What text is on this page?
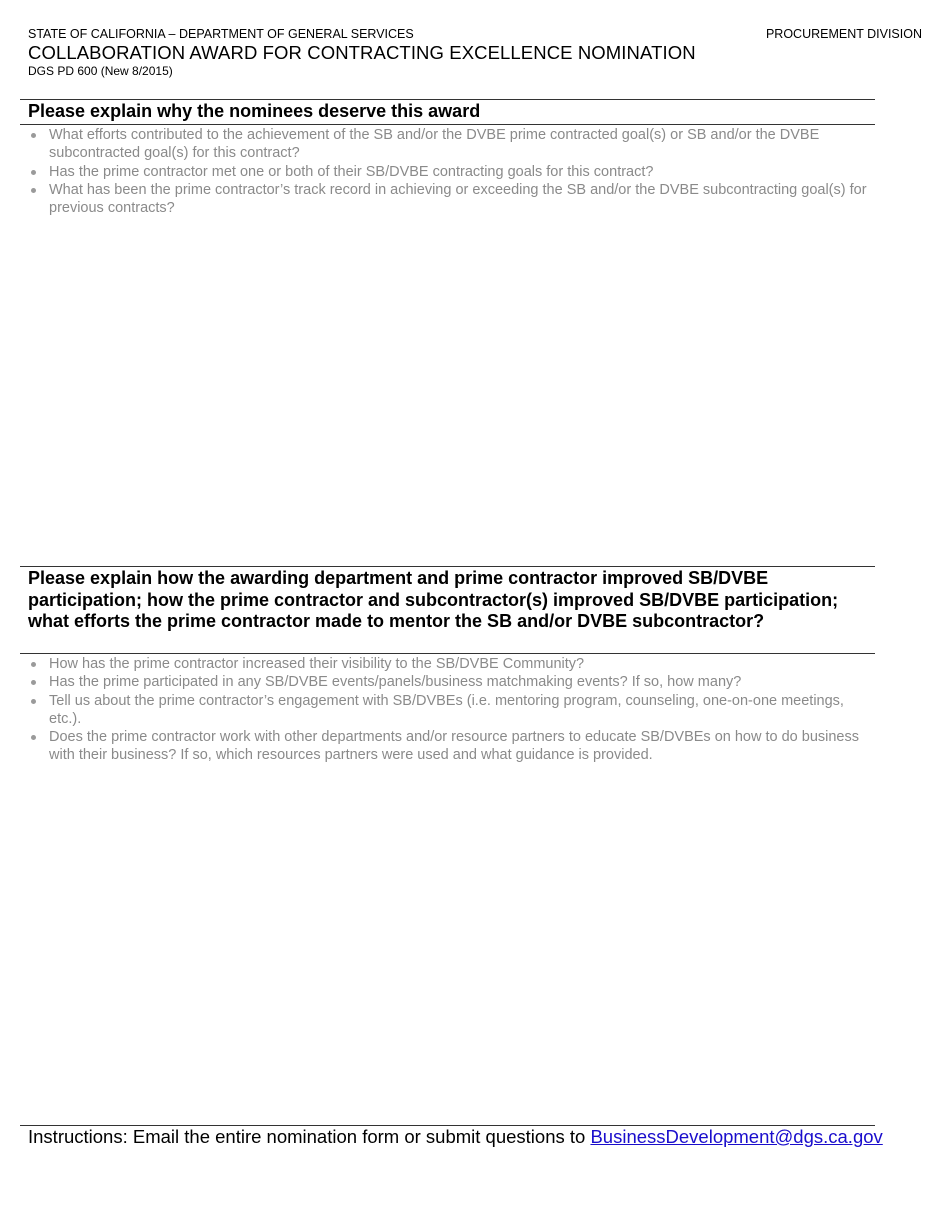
STATE OF CALIFORNIA – DEPARTMENT OF GENERAL SERVICES	PROCUREMENT DIVISION
COLLABORATION AWARD FOR CONTRACTING EXCELLENCE NOMINATION
DGS PD 600 (New 8/2015)
Please explain why the nominees deserve this award
What efforts contributed to the achievement of the SB and/or the DVBE prime contracted goal(s) or SB and/or the DVBE subcontracted goal(s) for this contract?
Has the prime contractor met one or both of their SB/DVBE contracting goals for this contract?
What has been the prime contractor’s track record in achieving or exceeding the SB and/or the DVBE subcontracting goal(s) for previous contracts?
Please explain how the awarding department and prime contractor improved SB/DVBE participation; how the prime contractor and subcontractor(s) improved SB/DVBE participation; what efforts the prime contractor made to mentor the SB and/or DVBE subcontractor?
How has the prime contractor increased their visibility to the SB/DVBE Community?
Has the prime participated in any SB/DVBE events/panels/business matchmaking events? If so, how many?
Tell us about the prime contractor’s engagement with SB/DVBEs (i.e. mentoring program, counseling, one-on-one meetings, etc.).
Does the prime contractor work with other departments and/or resource partners to educate SB/DVBEs on how to do business with their business? If so, which resources partners were used and what guidance is provided.
Instructions: Email the entire nomination form or submit questions to BusinessDevelopment@dgs.ca.gov
